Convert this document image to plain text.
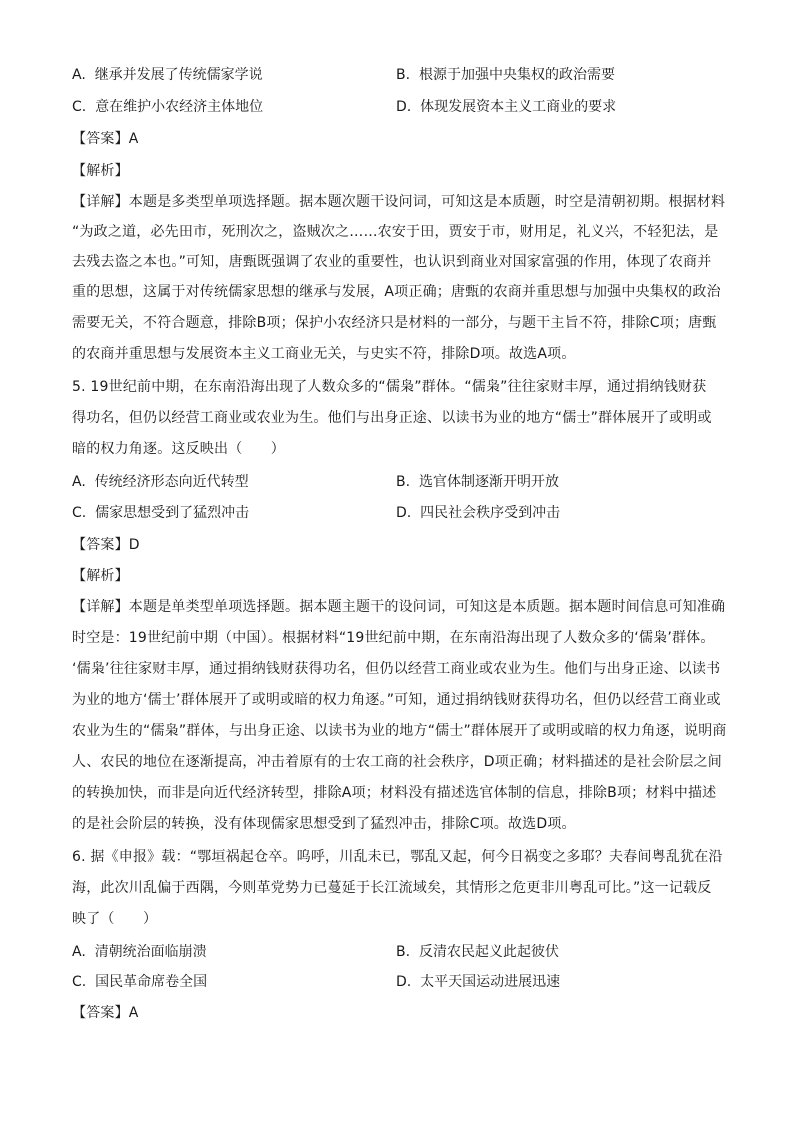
A. 继承并发展了传统儒家学说	B. 根源于加强中央集权的政治需要
C. 意在维护小农经济主体地位	D. 体现发展资本主义工商业的要求
【答案】A
【解析】
【详解】本题是多类型单项选择题。据本题次题干设问词，可知这是本质题，时空是清朝初期。根据材料
“为政之道，必先田市，死刑次之，盗贼次之……农安于田，贾安于市，财用足，礼义兴，不轻犯法，是
去残去盗之本也。”可知，唐甄既强调了农业的重要性，也认识到商业对国家富强的作用，体现了农商并
重的思想，这属于对传统儒家思想的继承与发展，A项正确；唐甄的农商并重思想与加强中央集权的政治
需要无关，不符合题意，排除B项；保护小农经济只是材料的一部分，与题干主旨不符，排除C项；唐甄
的农商并重思想与发展资本主义工商业无关，与史实不符，排除D项。故选A项。
5. 19世纪前中期，在东南沿海出现了人数众多的“儒枭”群体。“儒枭”往往家财丰厚，通过捐纳钱财获
得功名，但仍以经营工商业或农业为生。他们与出身正途、以读书为业的地方“儒士”群体展开了或明或
暗的权力角逐。这反映出（　　）
A. 传统经济形态向近代转型	B. 选官体制逐渐开明开放
C. 儒家思想受到了猛烈冲击	D. 四民社会秩序受到冲击
【答案】D
【解析】
【详解】本题是单类型单项选择题。据本题主题干的设问词，可知这是本质题。据本题时间信息可知准确
时空是：19世纪前中期（中国）。根据材料“19世纪前中期，在东南沿海出现了人数众多的‘儒枭’群体。
‘儒枭’往往家财丰厚，通过捐纳钱财获得功名，但仍以经营工商业或农业为生。他们与出身正途、以读书
为业的地方‘儒士’群体展开了或明或暗的权力角逐。”可知，通过捐纳钱财获得功名，但仍以经营工商业或
农业为生的“儒枭”群体，与出身正途、以读书为业的地方“儒士”群体展开了或明或暗的权力角逐，说明商
人、农民的地位在逐渐提高，冲击着原有的士农工商的社会秩序，D项正确；材料描述的是社会阶层之间
的转换加快，而非是向近代经济转型，排除A项；材料没有描述选官体制的信息，排除B项；材料中描述
的是社会阶层的转换，没有体现儒家思想受到了猛烈冲击，排除C项。故选D项。
6. 据《申报》载：“鄂垣祸起仓卒。呜呼，川乱未已，鄂乱又起，何今日祸变之多耶？夫春间粤乱犹在沿
海，此次川乱偏于西隅，今则革党势力已蔓延于长江流域矣，其情形之危更非川粤乱可比。”这一记载反
映了（　　）
A. 清朝统治面临崩溃	B. 反清农民起义此起彼伏
C. 国民革命席卷全国	D. 太平天国运动进展迅速
【答案】A
